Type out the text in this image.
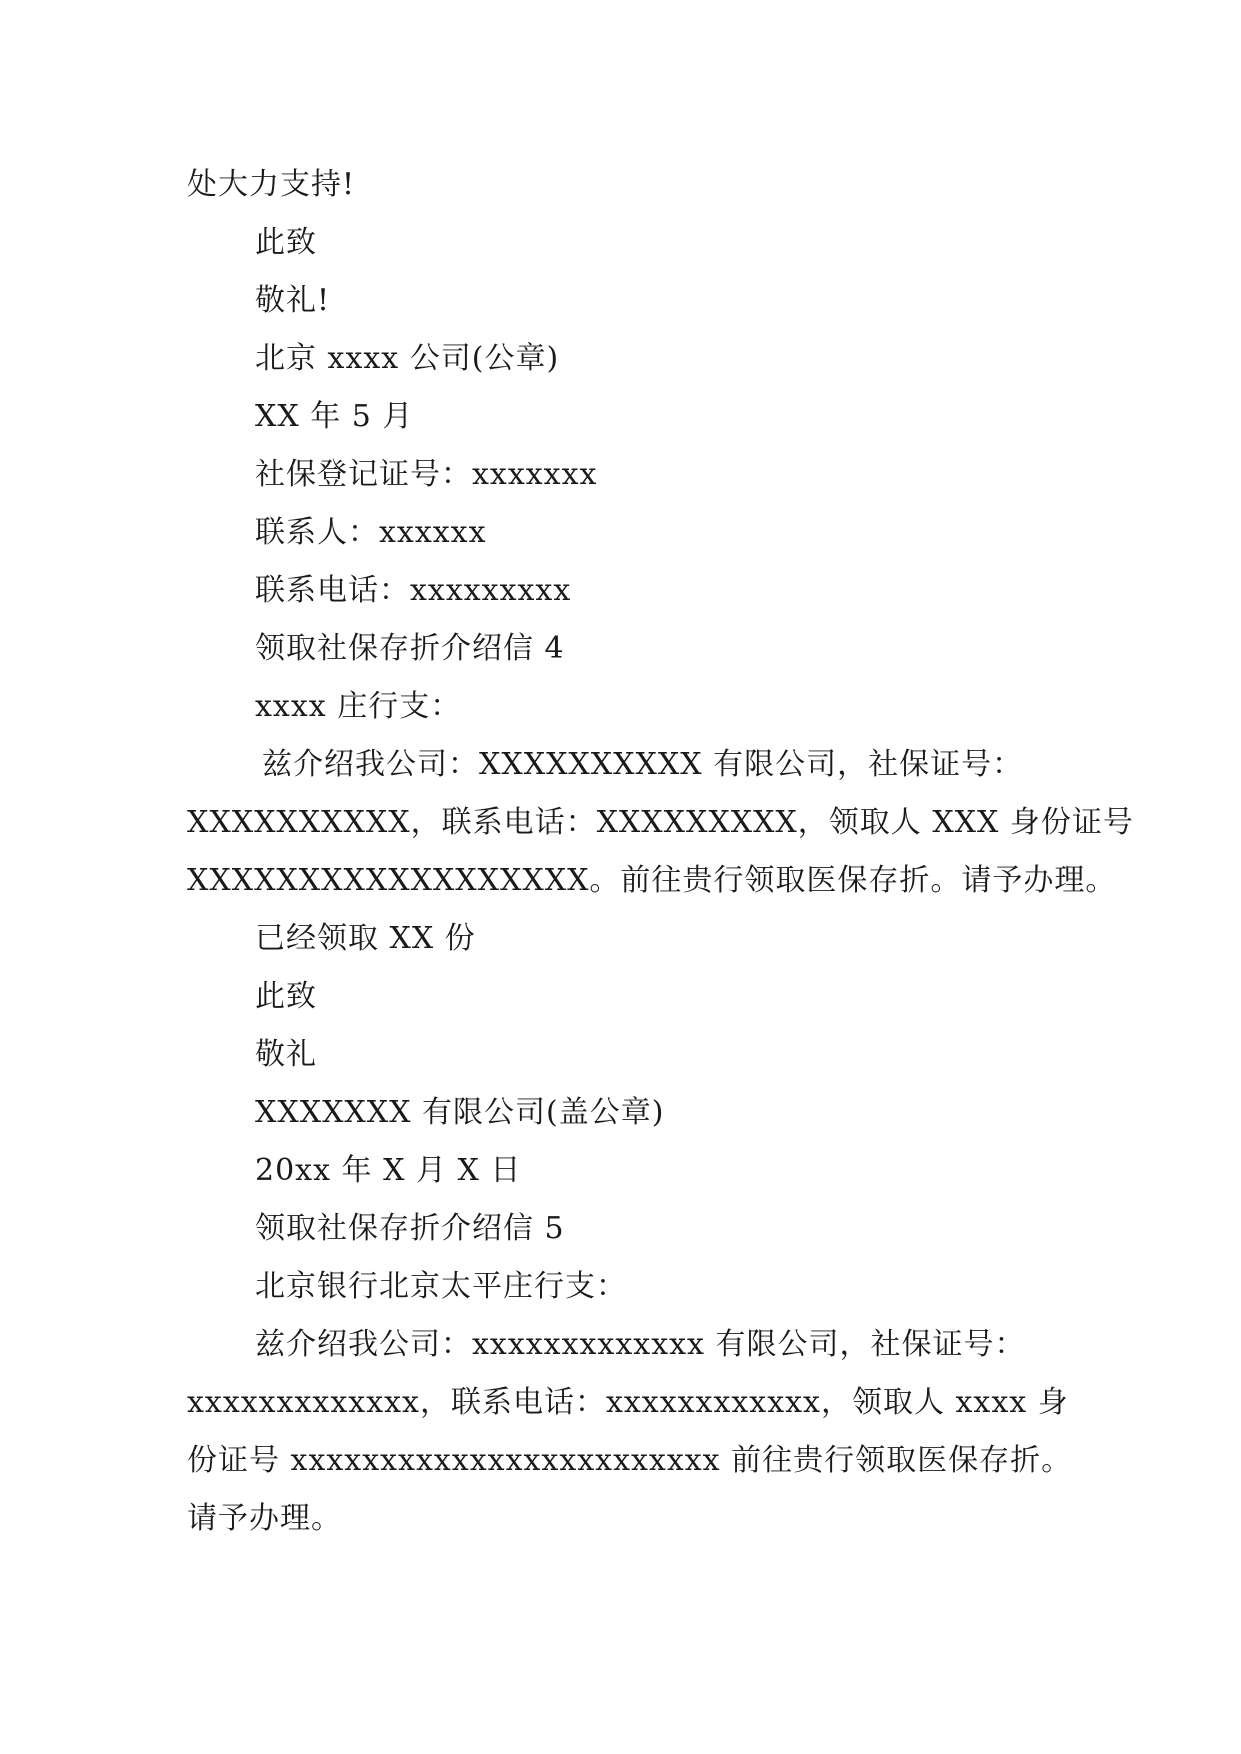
处大力支持!
此致
敬礼!
北京 xxxx 公司(公章)
XX 年 5 月
社保登记证号：xxxxxxx
联系人：xxxxxx
联系电话：xxxxxxxxx
领取社保存折介绍信 4
xxxx 庄行支：
兹介绍我公司：XXXXXXXXXX 有限公司，社保证号：
XXXXXXXXXX，联系电话：XXXXXXXXX，领取人 XXX 身份证号
XXXXXXXXXXXXXXXXXX。前往贵行领取医保存折。请予办理。
已经领取 XX 份
此致
敬礼
XXXXXXX 有限公司(盖公章)
20xx 年 X 月 X 日
领取社保存折介绍信 5
北京银行北京太平庄行支：
兹介绍我公司：xxxxxxxxxxxxx 有限公司，社保证号：
xxxxxxxxxxxxx，联系电话：xxxxxxxxxxxx，领取人 xxxx 身
份证号 xxxxxxxxxxxxxxxxxxxxxxxx 前往贵行领取医保存折。
请予办理。
